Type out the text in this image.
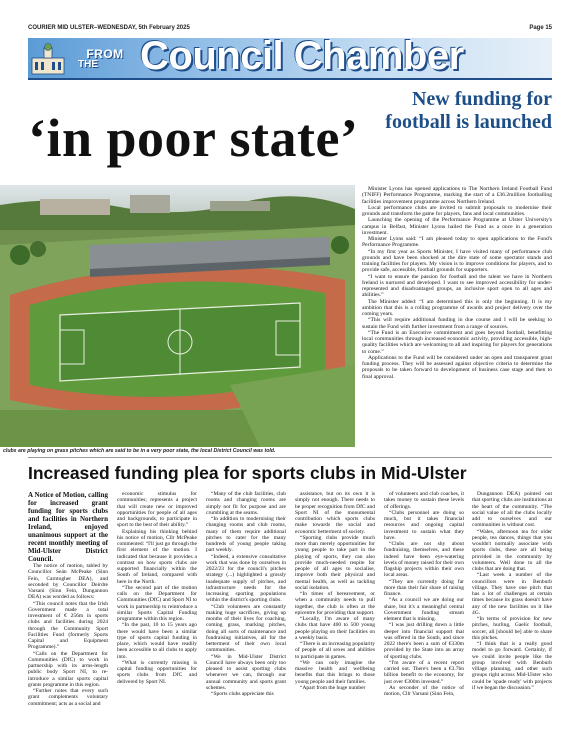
COURIER MID ULSTER–WEDNESDAY, 5th February 2025	Page 15
FROM
THE Council Chamber
‘in poor state’
New funding for football is launched
clubs are playing on grass pitches which are said to be in a very poor state, the local District Council was told.

Minister Lyons has opened applications to The Northern Ireland Football Fund (TNIFF) Performance Programme, marking the start of a £36.2million footballing facilities improvement programme across Northern Ireland.

Local performance clubs are invited to submit proposals to modernise their grounds and transform the game for players, fans and local communities.

Launching the opening of the Performance Programme at Ulster University's campus in Belfast, Minister Lyons hailed the Fund as a once in a generation investment.

Minister Lyons said: “I am pleased today to open applications to the Fund's Performance Programme.

“In my first year as Sports Minister, I have visited many of performance club grounds and have been shocked at the dire state of some spectator stands and training facilities for players. My vision is to improve conditions for players, and to provide safe, accessible, football grounds for supporters.

“I want to ensure the passion for football and the talent we have in Northern Ireland is nurtured and developed. I want to see improved accessibility for under-represented and disadvantaged groups, an inclusive sport open to all ages and abilities.”

The Minister added: “I am determined this is only the beginning. It is my ambition that this is a rolling programme of awards and project delivery over the coming years.

“This will require additional funding in due course and I will be seeking to sustain the Fund with further investment from a range of sources.

“The Fund is an Executive commitment and goes beyond football, benefitting local communities through increased economic activity, providing accessible, high-quality facilities which are welcoming to all and inspiring for players for generations to come.”

Applications to the Fund will be considered under an open and transparent grant funding process. They will be assessed against objective criteria to determine the proposals to be taken forward to development of business case stage and then to final approval.

Increased funding plea for sports clubs in Mid-Ulster

A Notice of Motion, calling for increased grant funding for sports clubs and facilities in Northern Ireland, enjoyed unanimous support at the recent monthly meeting of Mid-Ulster District Council.

The notice of motion, tabled by Councillor Seán McPeake (Sinn Fein, Carntogher DEA), and seconded by Councillor Deirdre Varsani (Sinn Fein, Dungannon DEA) was worded as follows:

“This council notes that the Irish Government made a total investment of € 256m in sports clubs and facilities during 2024 through the Community Sport Facilities Fund (formerly Sports Capital and Equipment Programme).”

“Calls on the Department for Communities (DfC) to work in partnership with its arms-length public body Sport NI, to re-introduce a similar sports capital grants programme in this region.

“Further notes that every such grant complements voluntary commitment; acts as a social and

economic stimulus for communities; represents a project that will create new or improved opportunities for people of all ages and backgrounds, to participate in sport to the best of their ability.”

Explaining his thinking behind his notice of motion, Cllr McPeake commented: “I'll just go through the first element of the motion. I indicated that because it provides a contrast on how sports clubs are supported financially within the South of Ireland, compared with here in the North.

“The second part of the motion calls on the Department for Communities (DfC) and Sport NI to work in partnership to reintroduce a similar Sports Capital Funding programme within this region.

“In the past, 10 to 15 years ago there would have been a similar type of sports capital funding in place, which would have readily been accessible to all clubs to apply into.

“What is currently missing is capital funding opportunities for sports clubs from DfC and delivered by Sport NI.

“Many of the club facilities, club rooms and changing rooms are simply not fit for purpose and are crumbling at the seams.

“In addition to modernising their changing rooms and club rooms, many of them require additional pitches to cater for the many hundreds of young people taking part weekly.

“Indeed, a extensive consultative work that was done by ourselves in 2022/23 for the council's pitches strategy (...) highlighted a grossly inadequate supply of pitches, and infrastructure needs for the increasing sporting populations within the district's sporting clubs.

“Club volunteers are constantly making huge sacrifices, giving up months of their lives for coaching, coming grass, marking pitches, doing all sorts of maintenance and fundraising initiatives, all for the betterment of their own local communities.

“We in Mid-Ulster District Council have always been only too pleased to assist sporting clubs whenever we can, through our annual community and sports grant schemes.

“Sports clubs appreciate this

assistance, but on its own it is simply not enough. There needs to be proper recognition from DfC and Sport NI of the monumental contribution which sports clubs make towards the social and economic betterment of society.

“Sporting clubs provide much more than merely opportunities for young people to take part in the playing of sports, they can also provide much-needed respite for people of all ages to socialise, improve both their physical and mental health, as well as tackling social isolation.

“In times of bereavement, or when a community needs to pull together, the club is often at the epicentre for providing that support.

“Locally, I'm aware of many clubs that have 400 to 500 young people playing on their facilities on a weekly basis.

“There is an increasing popularity of people of all sexes and abilities to participate in games.

“We can only imagine the massive health and wellbeing benefits that this brings to those young people and their families.

“Apart from the huge number

of volunteers and club coaches, it takes money to sustain these levels of offerings.

“Clubs personnel are doing so much, but it takes financial resources and ongoing capital investment to sustain what they have.

“Clubs are not shy about fundraising, themselves, and these indeed have been eye-watering levels of money raised for their own flagship projects within their own local areas.

“They are currently doing far more than their fair share of raising finance.

“As a council we are doing our share, but it's a meaningful central Government funding stream element that is missing.

“I was just drilling down a little deeper into financial support that was offered in the South, and since 2022 there's been a sum of €330m provided by the State into an array of sporting clubs.

“I'm aware of a recent report carried out. There's been a €3.7bn billion benefit to the economy, for just over €300m invested.”

As seconder of the notice of motion, Cllr Varsani (Sinn Fein,

Dungannon DEA) pointed out that sporting clubs are institutions at the heart of the community. “The social value of all the clubs locally add to ourselves and our communities is without cost.

“Wales, afternoon tea for older people, tea dances, things that you wouldn't normally associate with sports clubs, these are all being provided in the community by volunteers. Well done to all the clubs that are doing that.

“Last week a number of the councillors were in Benburb village. They have one pitch that has a lot of challenges at certain times because its grass doesn't have any of the new facilities on it like 4G.

“In terms of provision for new pitches, hurling, Gaelic football, soccer, all [should be] able to share this pitches.

“I think that is a really good model to go forward. Certainly, if we could invite people like the group involved with Benburb village planning, and other such groups right across Mid-Ulster who could be 'spade ready' with projects if we began the discussion.”
